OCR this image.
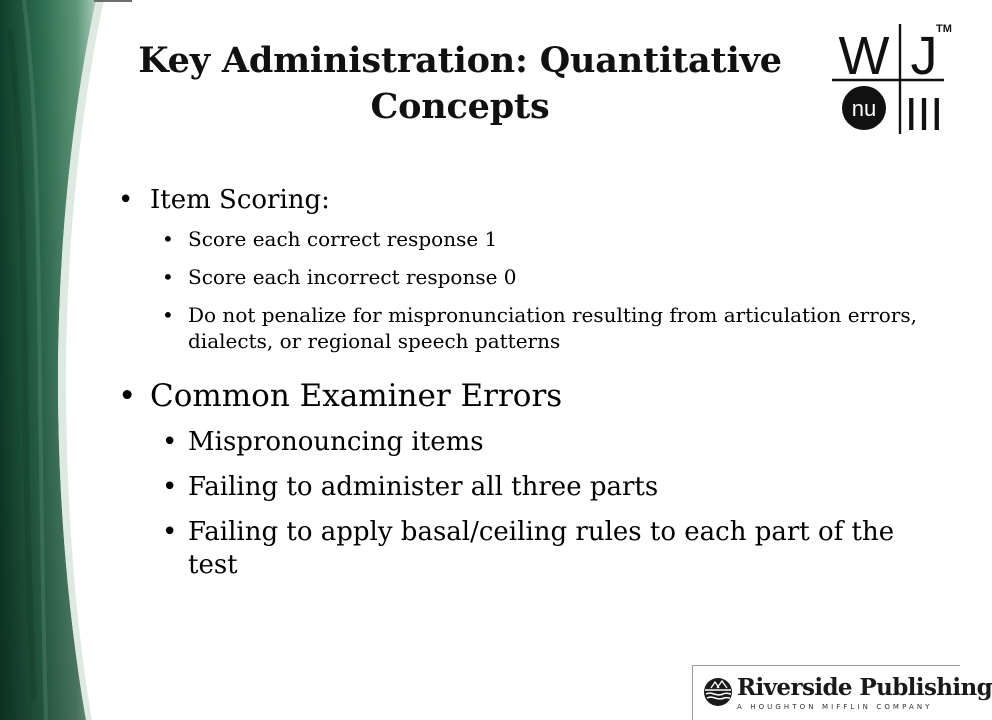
Key Administration: Quantitative
Concepts
W J
nu III
TM
• Item Scoring:
• Score each correct response 1
• Score each incorrect response 0
• Do not penalize for mispronunciation resulting from articulation errors, dialects, or regional speech patterns
• Common Examiner Errors
• Mispronouncing items
• Failing to administer all three parts
• Failing to apply basal/ceiling rules to each part of the test
Riverside Publishing
A HOUGHTON MIFFLIN COMPANY
